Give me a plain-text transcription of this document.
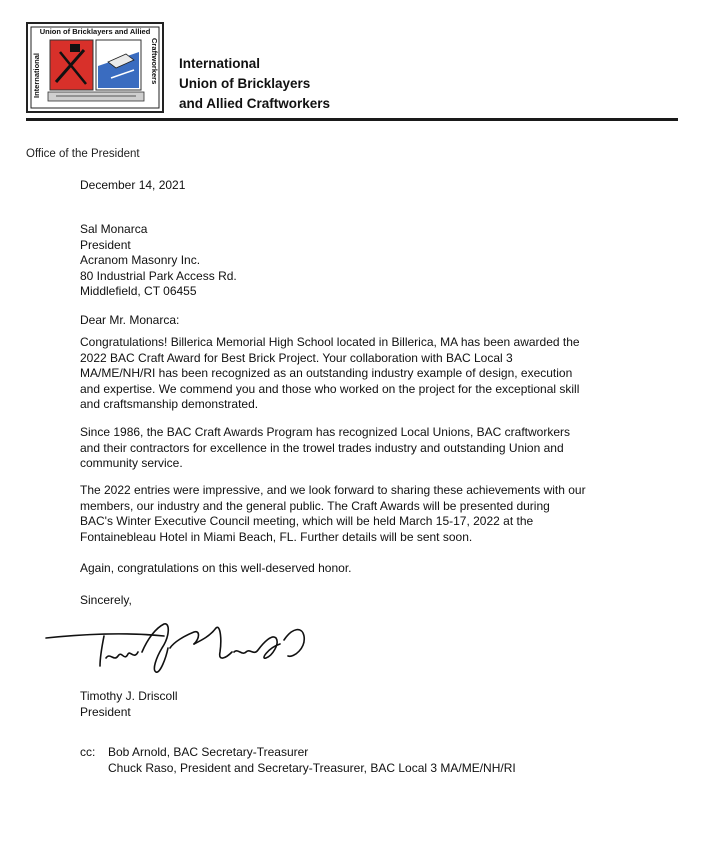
Union of Bricklayers and Allied
International	Craftworkers International
Union of Bricklayers
and Allied Craftworkers
Office of the President
December 14, 2021
Sal Monarca
President
Acranom Masonry Inc.
80 Industrial Park Access Rd.
Middlefield, CT 06455
Dear Mr. Monarca:
Congratulations! Billerica Memorial High School located in Billerica, MA has been awarded the
2022 BAC Craft Award for Best Brick Project. Your collaboration with BAC Local 3
MA/ME/NH/RI has been recognized as an outstanding industry example of design, execution
and expertise. We commend you and those who worked on the project for the exceptional skill
and craftsmanship demonstrated.
Since 1986, the BAC Craft Awards Program has recognized Local Unions, BAC craftworkers
and their contractors for excellence in the trowel trades industry and outstanding Union and
community service.
The 2022 entries were impressive, and we look forward to sharing these achievements with our
members, our industry and the general public. The Craft Awards will be presented during
BAC's Winter Executive Council meeting, which will be held March 15-17, 2022 at the
Fontainebleau Hotel in Miami Beach, FL. Further details will be sent soon.
Again, congratulations on this well-deserved honor.
Sincerely,
Timothy J. Driscoll
President
cc: Bob Arnold, BAC Secretary-Treasurer
Chuck Raso, President and Secretary-Treasurer, BAC Local 3 MA/ME/NH/RI
